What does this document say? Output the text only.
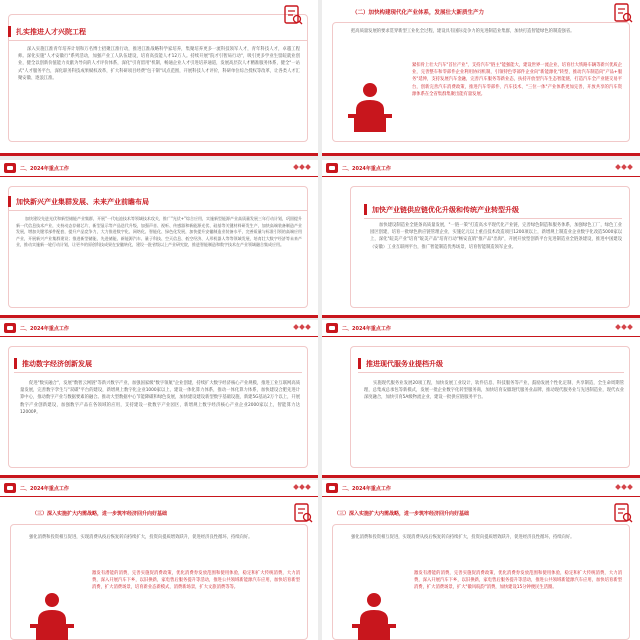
扎实推进人才兴院工程
深入实施江淮青年培养计划和万名博士招聚江淮行动，推进江淮战略科学家培养，集聚培养更多一流科技领军人才，青年科技人才，卓越工程师。深化实施"人才安徽行"系列活动，加强产业工人队伍建设，培育高技能人才12万人。持续开展"院才引智局行动"，吸引更多学业生留皖就业创业，健全以创新价值能力贡献为导向的人才评价体系，深化"引育留用"机制，畅通企业人才引进培养通道，发展高层次人才精准服务体系，健全"一站式"人才服务平台，深化职务科技成果赋权改革，扩大科研项目经费"包干制"试点范围，开展科技人才评价，科研单位综合授权等改革，让各类人才汇聚安徽、逐浪江淮。
（二）加快构建现代化产业体系，发展壮大新质生产力
把高质量发展的要求贯穿新型工业化全过程，建设具有国际竞争力的先进制造业集群，加快打造智能绿色的制造强省。
紧扣骨上壮大汽车"首位产业"，支持汽车"链主"能强能大，建设世界一流企业，培育壮大铁路车辆等新兴优质企业，完善整车和零部件企业利用协同机制，引领特色零部件企业向"新能源化"转型，推动汽车制造向"产品+服务"延伸，支持发展汽车金融，完善汽车服务等新业态，扶持开放型汽车生态智能链，打造汽车全产业链交易平台，创新完善汽车消费政策，推进汽车零部件、汽车技术、"三位一体"产业体系更加完善，开放共享的汽车资源体系在全省集群集聚出能有量发展。
二、2024年重点工作
加快新兴产业集群发展、未来产业前瞻布局
加快建设先进光伏和新型储能产业集群，开展"一代电池技术等领域技术攻关，推广"光伏+"综合应用，实施新型能源产业高质量发展三年行动计划，巩固提升新一代信息技术产业，支持动态存储芯片，新型显示等产品迭代升级，加强声音、视听、传感器和新能源光伏、硅基等关键材料研发生产，加快高端装备制造产业发展，增加关键零部件配套，提升产品竞争力，大力推进数字化、网络化、智能化、绿色化发展，加快提升安徽制造业装备水平，完善质量与标准引领的高端应用产业，开展新兴产业集群建设；推进新型储能、先进储能、新能源汽车、量子科技、空天信息、低空经济、人形机器人等等领域发展，培育壮大数字经济等未来产业，推动实施新一轮行动计划，让更多的原创科技成果在安徽转化，建设一批省级以上产业研究院，推进智能制造和数字技术在产业领域融合集成应用。
二、2024年重点工作
加快产业链供应链优化升级和传统产业转型升级
加快建设制造业全链条高质量发展，"一链一策"打造高水平现代化产业链，完善绿色制造和服务体系，加强绿色工厂，绿色工业园区创建，培育一批绿色供应链管理企业，实施亿元以上重点技术改造项目1200项以上，新增规上制造业企业数字化改造5000家以上，深化"皖美产业"培育"皖美产品"培育行动"畅安直销"推产品"出海"，开展开放型创新平台先进制造业全链条建设，推进中国建设（安徽）工业互联网平台，推广智能制造优秀场景，培育智能制造领军企业。
二、2024年重点工作
推动数字经济创新发展
促进"数实融合"，发展"数智云网链"等新兴数字产业，加强国家级"数字领航"企业创建，持续扩大数字经济核心产业规模，推进工业互联网高质量发展，完善数字孪生与"双碳"平台的建设，新增规上数字化企业1000家以上，建设一体化算力体系，推动一体化算力体系，加快建设合肥先进计算中心，推动数字产业与数据要素的融合。推动大型数据中心节能降碳和绿色发展，加快建设建设新型数字基础设施，新建5G基站2万个以上，开展数字产业创新建设，加强数字产品在各领域的应用，支持建设一批数字产业园区，新增规上数字经济核心产业企业2000家以上，智能算力达12000P。
二、2024年重点工作
推进现代服务业提档升级
实施现代服务业发展20项工程，加快发展工业设计，软件信息、科技服务等产业，鼓励发展个性化定制、共享制造，全生命周期管理，总集成总承包等新模式，发展一批企业数字化转型服务商，加快培育安徽现代服务业品牌，推动现代服务业与先进制造业，现代农业深度融合，加快引育5A级物流企业，建设一批供应链服务平台。
二、2024年重点工作
（三）深入实施扩大内需战略，进一步筑牢经济回升向好基础
强化消费和投资相互促进，实现消费从疫后恢复转向持续扩大，投资向提质增效跃升，促进经济良性循环，持续向好。
激发有潜能的消费，完善实施促消费政策，优化消费券发放范围和使用体验，稳定和扩大传统消费，大力消费，深入开展汽车下乡，以旧换新，家电售后服务提升等活动，推进公共领域新能源汽车应用，加快培育新型消费，扩大消费场景，培育新业态新模式，消费新场景，扩大文旅消费等等。
二、2024年重点工作
（三）深入实施扩大内需战略，进一步筑牢经济回升向好基础
强化消费和投资相互促进，实现消费从疫后恢复转向持续扩大，投资向提质增效跃升，促进经济良性循环，持续向好。
激发有潜能的消费，完善实施促消费政策，优化消费券发放范围和使用体验，稳定和扩大传统消费，大力消费，深入开展汽车下乡，以旧换新，家电售后服务提升等活动，推进公共领域新能源汽车应用，加快培育新型消费，扩大消费场景，扩大"徽风皖韵"消费，加快建设15分钟便民生活圈。
